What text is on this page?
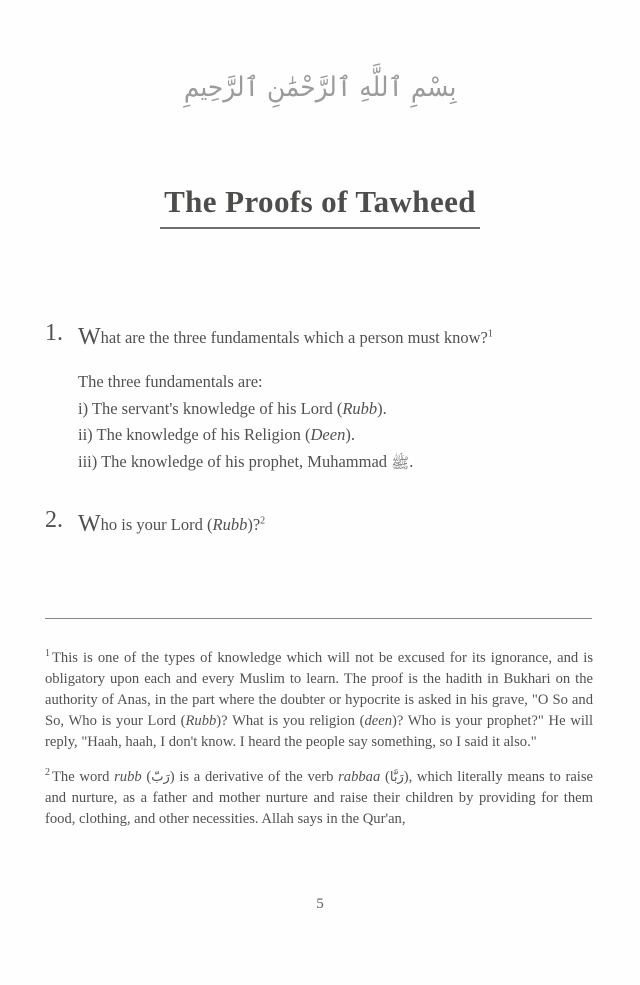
بِسْمِ ٱللَّهِ ٱلرَّحْمَٰنِ ٱلرَّحِيمِ
The Proofs of Tawheed
1. What are the three fundamentals which a person must know?$^1$
The three fundamentals are:
i) The servant's knowledge of his Lord (Rubb).
ii) The knowledge of his Religion (Deen).
iii) The knowledge of his prophet, Muhammad ﷺ.
2. Who is your Lord (Rubb)?$^2$

$^1$ This is one of the types of knowledge which will not be excused for its ignorance, and is obligatory upon each and every Muslim to learn. The proof is the hadith in Bukhari on the authority of Anas, in the part where the doubter or hypocrite is asked in his grave, "O So and So, Who is your Lord (Rubb)? What is you religion (deen)? Who is your prophet?" He will reply, "Haah, haah, I don't know. I heard the people say something, so I said it also."

$^2$ The word rubb (رَبّ) is a derivative of the verb rabbaa (رَبَّا), which literally means to raise and nurture, as a father and mother nurture and raise their children by providing for them food, clothing, and other necessities. Allah says in the Qur'an,

5
